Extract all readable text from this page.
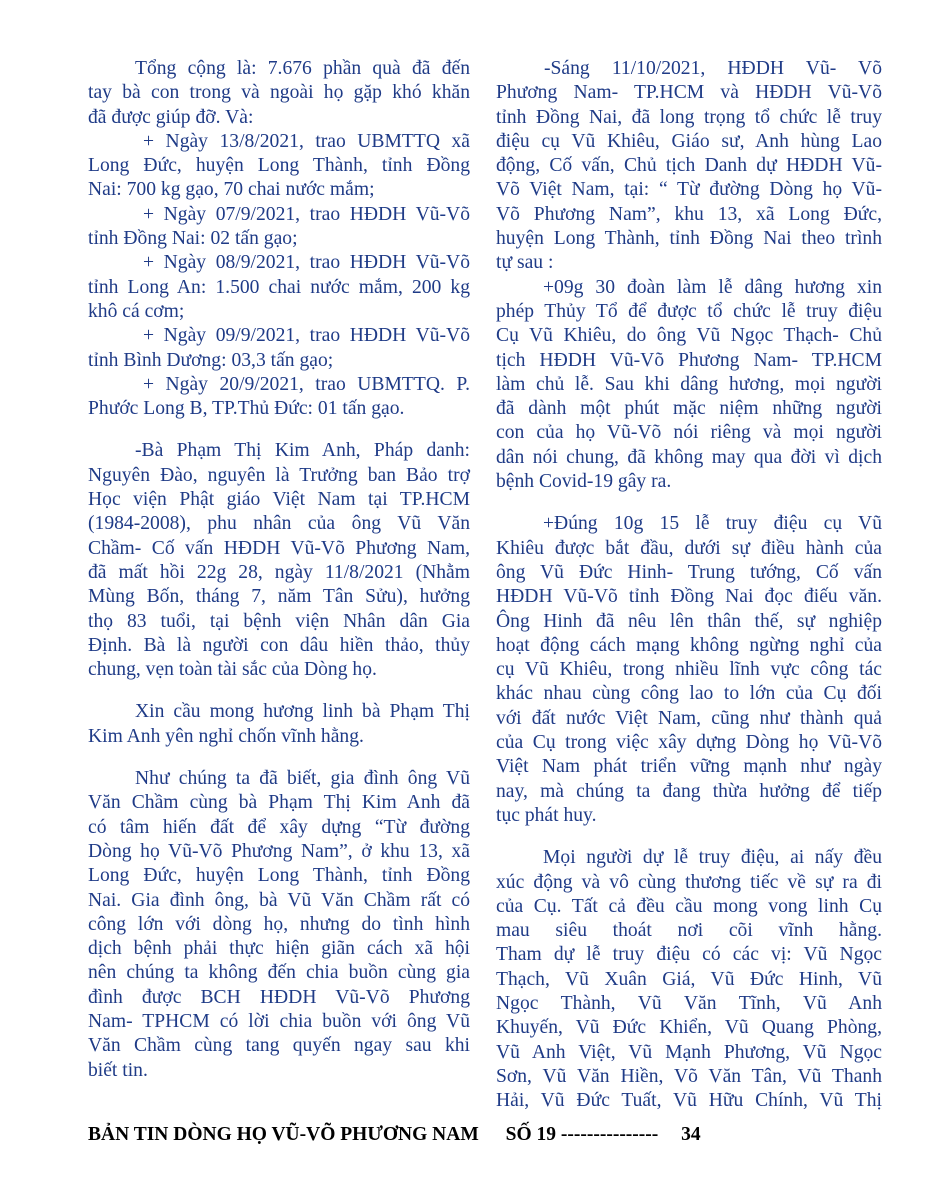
Tổng cộng là: 7.676 phần quà đã đến
tay bà con trong và ngoài họ gặp khó khăn
đã được giúp đỡ. Và:
+ Ngày 13/8/2021, trao UBMTTQ xã
Long Đức, huyện Long Thành, tỉnh Đồng
Nai: 700 kg gạo, 70 chai nước mắm;
+ Ngày 07/9/2021, trao HĐDH Vũ-Võ
tỉnh Đồng Nai: 02 tấn gạo;
+ Ngày 08/9/2021, trao HĐDH Vũ-Võ
tỉnh Long An: 1.500 chai nước mắm, 200 kg
khô cá cơm;
+ Ngày 09/9/2021, trao HĐDH Vũ-Võ
tỉnh Bình Dương: 03,3 tấn gạo;
+ Ngày 20/9/2021, trao UBMTTQ. P.
Phước Long B, TP.Thủ Đức: 01 tấn gạo.
-Bà Phạm Thị Kim Anh, Pháp danh:
Nguyên Đào, nguyên là Trưởng ban Bảo trợ
Học viện Phật giáo Việt Nam tại TP.HCM
(1984-2008), phu nhân của ông Vũ Văn
Chầm- Cố vấn HĐDH Vũ-Võ Phương Nam,
đã mất hồi 22g 28, ngày 11/8/2021 (Nhằm
Mùng Bốn, tháng 7, năm Tân Sửu), hưởng
thọ 83 tuổi, tại bệnh viện Nhân dân Gia
Định. Bà là người con dâu hiền thảo, thủy
chung, vẹn toàn tài sắc của Dòng họ.
Xin cầu mong hương linh bà Phạm Thị
Kim Anh yên nghỉ chốn vĩnh hằng.
Như chúng ta đã biết, gia đình ông Vũ
Văn Chầm cùng bà Phạm Thị Kim Anh đã
có tâm hiến đất để xây dựng “Từ đường
Dòng họ Vũ-Võ Phương Nam”, ở khu 13, xã
Long Đức, huyện Long Thành, tỉnh Đồng
Nai. Gia đình ông, bà Vũ Văn Chầm rất có
công lớn với dòng họ, nhưng do tình hình
dịch bệnh phải thực hiện giãn cách xã hội
nên chúng ta không đến chia buồn cùng gia
đình được BCH HĐDH Vũ-Võ Phương
Nam- TPHCM có lời chia buồn với ông Vũ
Văn Chầm cùng tang quyến ngay sau khi
biết tin.
-Sáng 11/10/2021, HĐDH Vũ- Võ
Phương Nam- TP.HCM và HĐDH Vũ-Võ
tỉnh Đồng Nai, đã long trọng tổ chức lễ truy
điệu cụ Vũ Khiêu, Giáo sư, Anh hùng Lao
động, Cố vấn, Chủ tịch Danh dự HĐDH Vũ-
Võ Việt Nam, tại: “ Từ đường Dòng họ Vũ-
Võ Phương Nam”, khu 13, xã Long Đức,
huyện Long Thành, tỉnh Đồng Nai theo trình
tự sau :
+09g 30 đoàn làm lễ dâng hương xin
phép Thủy Tổ để được tổ chức lễ truy điệu
Cụ Vũ Khiêu, do ông Vũ Ngọc Thạch- Chủ
tịch HĐDH Vũ-Võ Phương Nam- TP.HCM
làm chủ lễ. Sau khi dâng hương, mọi người
đã dành một phút mặc niệm những người
con của họ Vũ-Võ nói riêng và mọi người
dân nói chung, đã không may qua đời vì dịch
bệnh Covid-19 gây ra.
+Đúng 10g 15 lễ truy điệu cụ Vũ
Khiêu được bắt đầu, dưới sự điều hành của
ông Vũ Đức Hinh- Trung tướng, Cố vấn
HĐDH Vũ-Võ tỉnh Đồng Nai đọc điếu văn.
Ông Hinh đã nêu lên thân thế, sự nghiệp
hoạt động cách mạng không ngừng nghỉ của
cụ Vũ Khiêu, trong nhiều lĩnh vực công tác
khác nhau cùng công lao to lớn của Cụ đối
với đất nước Việt Nam, cũng như thành quả
của Cụ trong việc xây dựng Dòng họ Vũ-Võ
Việt Nam phát triển vững mạnh như ngày
nay, mà chúng ta đang thừa hưởng để tiếp
tục phát huy.
Mọi người dự lễ truy điệu, ai nấy đều
xúc động và vô cùng thương tiếc về sự ra đi
của Cụ. Tất cả đều cầu mong vong linh Cụ
mau siêu thoát nơi cõi vĩnh hằng.
Tham dự lễ truy điệu có các vị: Vũ Ngọc
Thạch, Vũ Xuân Giá, Vũ Đức Hinh, Vũ
Ngọc Thành, Vũ Văn Tĩnh, Vũ Anh
Khuyến, Vũ Đức Khiển, Vũ Quang Phòng,
Vũ Anh Việt, Vũ Mạnh Phương, Vũ Ngọc
Sơn, Vũ Văn Hiền, Võ Văn Tân, Vũ Thanh
Hải, Vũ Đức Tuất, Vũ Hữu Chính, Vũ Thị
BẢN TIN DÒNG HỌ VŨ-VÕ PHƯƠNG NAM SỐ 19 --------------- 34
